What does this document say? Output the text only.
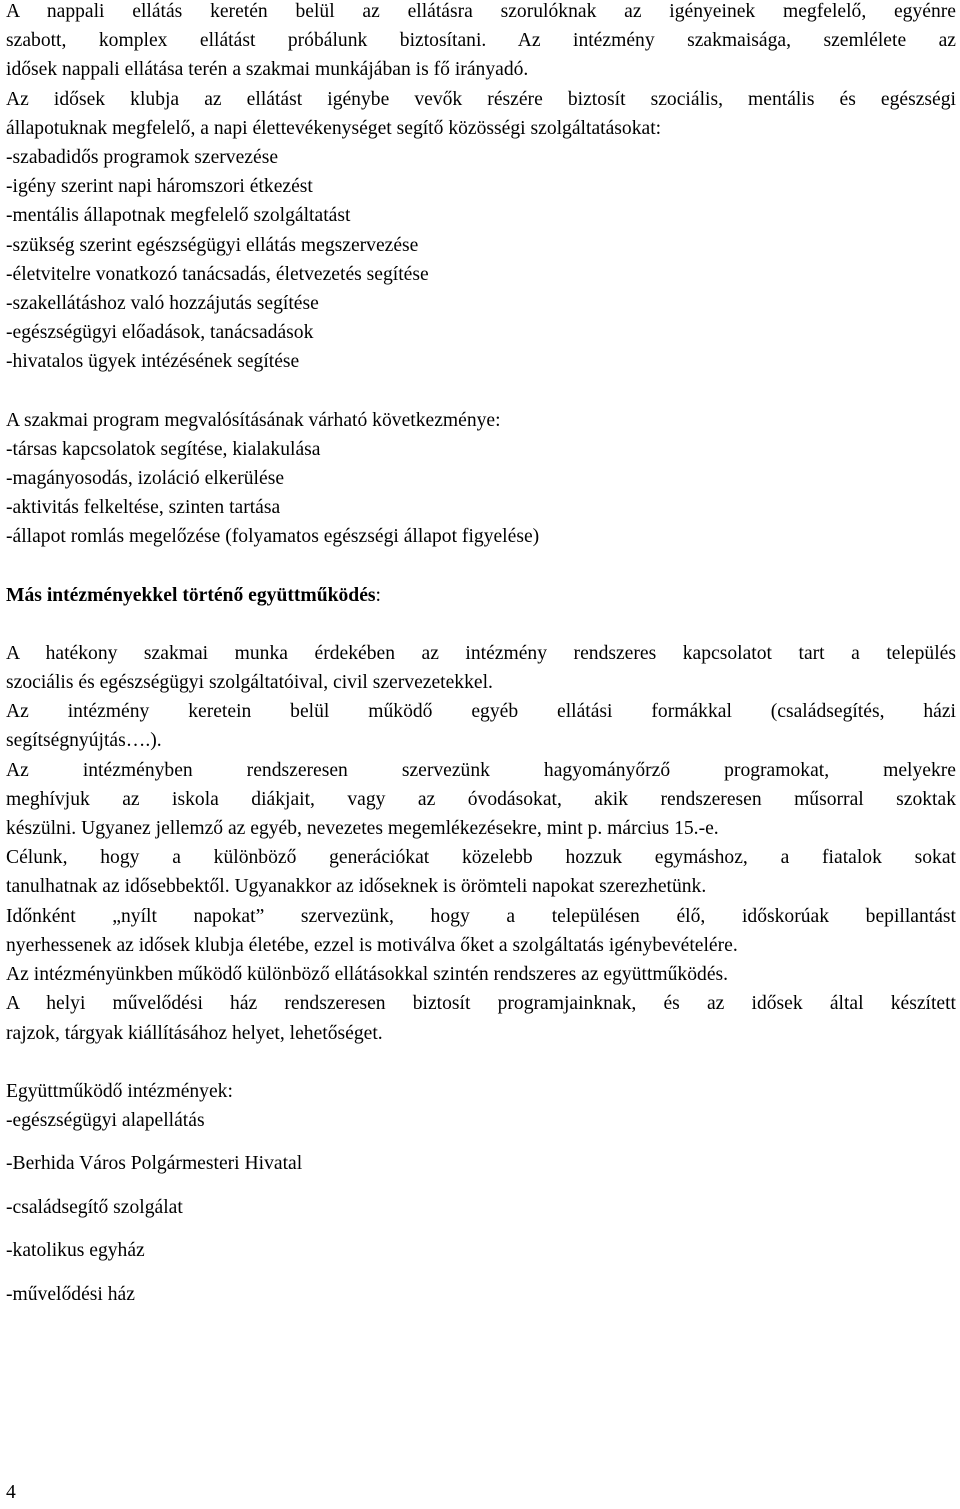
A nappali ellátás keretén belül az ellátásra szorulóknak az igényeinek megfelelő, egyénre
szabott, komplex ellátást próbálunk biztosítani. Az intézmény szakmaisága, szemlélete az
idősek nappali ellátása terén a szakmai munkájában is fő irányadó.
Az idősek klubja az ellátást igénybe vevők részére biztosít szociális, mentális és egészségi
állapotuknak megfelelő, a napi élettevékenységet segítő közösségi szolgáltatásokat:
-szabadidős programok szervezése
-igény szerint napi háromszori étkezést
-mentális állapotnak megfelelő szolgáltatást
-szükség szerint egészségügyi ellátás megszervezése
-életvitelre vonatkozó tanácsadás, életvezetés segítése
-szakellátáshoz való hozzájutás segítése
-egészségügyi előadások, tanácsadások
-hivatalos ügyek intézésének segítése
A szakmai program megvalósításának várható következménye:
-társas kapcsolatok segítése, kialakulása
-magányosodás, izoláció elkerülése
-aktivitás felkeltése, szinten tartása
-állapot romlás megelőzése (folyamatos egészségi állapot figyelése)
Más intézményekkel történő együttműködés:
A hatékony szakmai munka érdekében az intézmény rendszeres kapcsolatot tart a település
szociális és egészségügyi szolgáltatóival, civil szervezetekkel.
Az intézmény keretein belül működő egyéb ellátási formákkal (családsegítés, házi
segítségnyújtás….).
Az intézményben rendszeresen szervezünk hagyományőrző programokat, melyekre
meghívjuk az iskola diákjait, vagy az óvodásokat, akik rendszeresen műsorral szoktak
készülni. Ugyanez jellemző az egyéb, nevezetes megemlékezésekre, mint p. március 15.-e.
Célunk, hogy a különböző generációkat közelebb hozzuk egymáshoz, a fiatalok sokat
tanulhatnak az idősebbektől. Ugyanakkor az időseknek is örömteli napokat szerezhetünk.
Időnként „nyílt napokat” szervezünk, hogy a településen élő, időskorúak bepillantást
nyerhessenek az idősek klubja életébe, ezzel is motiválva őket a szolgáltatás igénybevételére.
Az intézményünkben működő különböző ellátásokkal szintén rendszeres az együttműködés.
A helyi művelődési ház rendszeresen biztosít programjainknak, és az idősek által készített
rajzok, tárgyak kiállításához helyet, lehetőséget.
Együttműködő intézmények:
-egészségügyi alapellátás
-Berhida Város Polgármesteri Hivatal
-családsegítő szolgálat
-katolikus egyház
-művelődési ház
4
